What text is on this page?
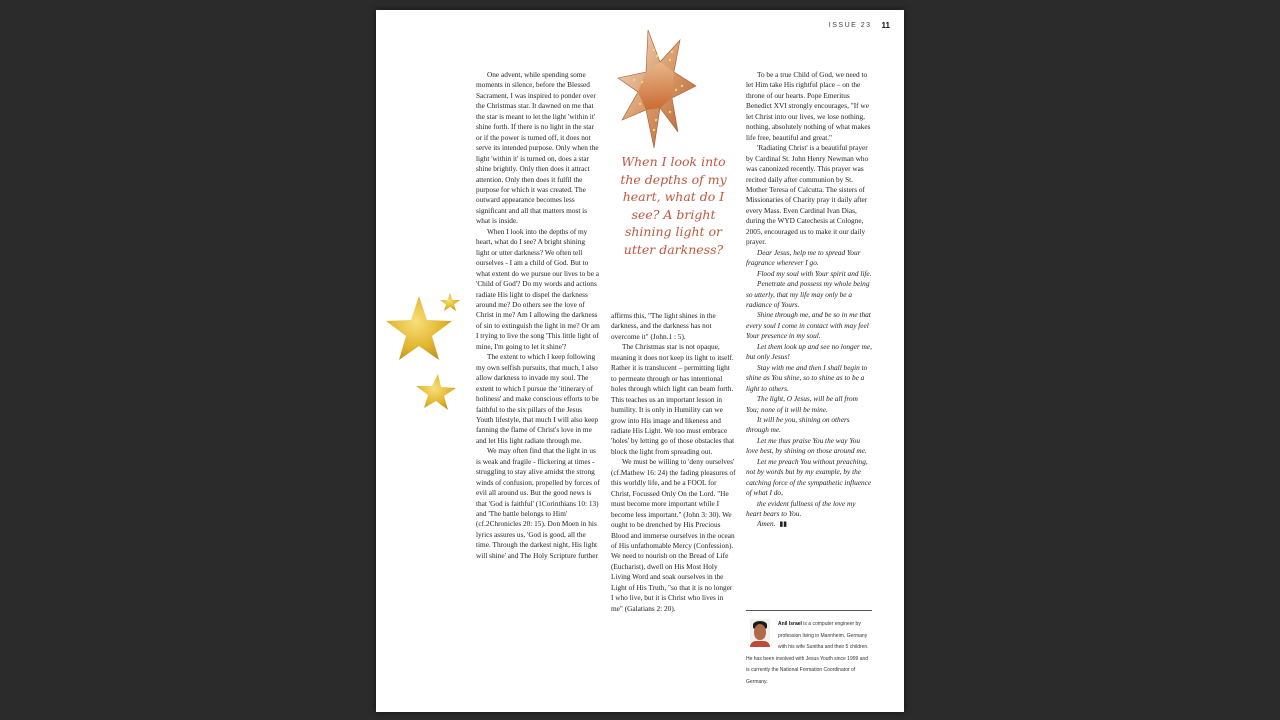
ISSUE 23 11

One advent, while spending some moments in silence, before the Blessed Sacrament, I was inspired to ponder over the Christmas star. It dawned on me that the star is meant to let the light 'within it' shine forth. If there is no light in the star or if the power is turned off, it does not serve its intended purpose. Only when the light 'within it' is turned on, does a star shine brightly. Only then does it attract attention. Only then does it fulfil the purpose for which it was created. The outward appearance becomes less significant and all that matters most is what is inside.

When I look into the depths of my heart, what do I see? A bright shining light or utter darkness? We often tell ourselves - I am a child of God. But to what extent do we pursue our lives to be a 'Child of God'? Do my words and actions radiate His light to dispel the darkness around me? Do others see the love of Christ in me? Am I allowing the darkness of sin to extinguish the light in me? Or am I trying to live the song 'This little light of mine, I'm going to let it shine'?

The extent to which I keep following my own selfish pursuits, that much, I also allow darkness to invade my soul. The extent to which I pursue the 'itinerary of holiness' and make conscious efforts to be faithful to the six pillars of the Jesus Youth lifestyle, that much I will also keep fanning the flame of Christ's love in me and let His light radiate through me.

We may often find that the light in us is weak and fragile - flickering at times - struggling to stay alive amidst the strong winds of confusion, propelled by forces of evil all around us. But the good news is that 'God is faithful' (1Corinthians 10: 13) and 'The battle belongs to Him' (cf.2Chronicles 20: 15). Don Moen in his lyrics assures us, 'God is good, all the time. Through the darkest night, His light will shine' and The Holy Scripture further

When I look into the depths of my heart, what do I see? A bright shining light or utter darkness?

affirms this, "The light shines in the darkness, and the darkness has not overcome it" (John.1 : 5).

The Christmas star is not opaque, meaning it does not keep its light to itself. Rather it is translucent – permitting light to permeate through or has intentional holes through which light can beam forth. This teaches us an important lesson in humility. It is only in Humility can we grow into His image and likeness and radiate His Light. We too must embrace 'holes' by letting go of those obstacles that block the light from spreading out.

We must be willing to 'deny ourselves' (cf.Mathew 16: 24) the fading pleasures of this worldly life, and be a FOOL for Christ, Focussed Only On the Lord. "He must become more important while I become less important." (John 3: 30). We ought to be drenched by His Precious Blood and immerse ourselves in the ocean of His unfathomable Mercy (Confession). We need to nourish on the Bread of Life (Eucharist), dwell on His Most Holy Living Word and soak ourselves in the Light of His Truth, "so that it is no longer I who live, but it is Christ who lives in me" (Galatians 2: 20).

To be a true Child of God, we need to let Him take His rightful place – on the throne of our hearts. Pope Emeritus Benedict XVI strongly encourages, "If we let Christ into our lives, we lose nothing, nothing, absolutely nothing of what makes life free, beautiful and great."

'Radiating Christ' is a beautiful prayer by Cardinal St. John Henry Newman who was canonized recently. This prayer was recited daily after communion by St. Mother Teresa of Calcutta. The sisters of Missionaries of Charity pray it daily after every Mass. Even Cardinal Ivan Dias, during the WYD Catechesis at Cologne, 2005, encouraged us to make it our daily prayer.

Dear Jesus, help me to spread Your fragrance wherever I go.

Flood my soul with Your spirit and life.

Penetrate and possess my whole being so utterly, that my life may only be a radiance of Yours.

Shine through me, and be so in me that every soul I come in contact with may feel Your presence in my soul.

Let them look up and see no longer me, but only Jesus!

Stay with me and then I shall begin to shine as You shine, so to shine as to be a light to others.

The light, O Jesus, will be all from You; none of it will be mine.

It will be you, shining on others through me.

Let me thus praise You the way You love best, by shining on those around me.

Let me preach You without preaching, not by words but by my example, by the catching force of the sympathetic influence of what I do,

the evident fullness of the love my heart bears to You.

Amen. ▮▮

Anil Israel is a computer engineer by profession living in Mannheim, Germany with his wife Sunitha and their 5 children. He has been involved with Jesus Youth since 1999 and is currently the National Formation Coordinator of Germany.
